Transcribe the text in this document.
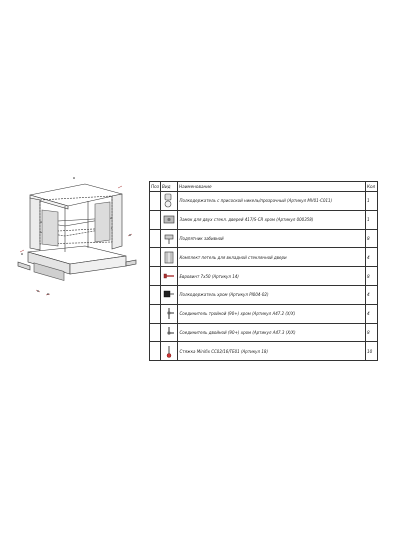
Поз	Вид	Наименование	Кол

	Полкодержатель с присоской никель/прозрачный (Артикул MV01-C011)	1

	Замок для двух стекл. дверей 417/S-CR хром (Артикул 000358)	1

	Подпятник забивной	8

	Комплект петель для вкладной стеклянной двери	4

	Евровинт 7х50 (Артикул 14)	8

	Полкодержатель хром (Артикул PI004-02)	4

	Соединитель тройной (90+) хром (Артикул A47.2 (X/X)	4

	Соединитель двойной (90+) хром (Артикул A47.3 (X/X)	8

	Стяжка Minifix CC02/16/TE01 (Артикул 18)	10
